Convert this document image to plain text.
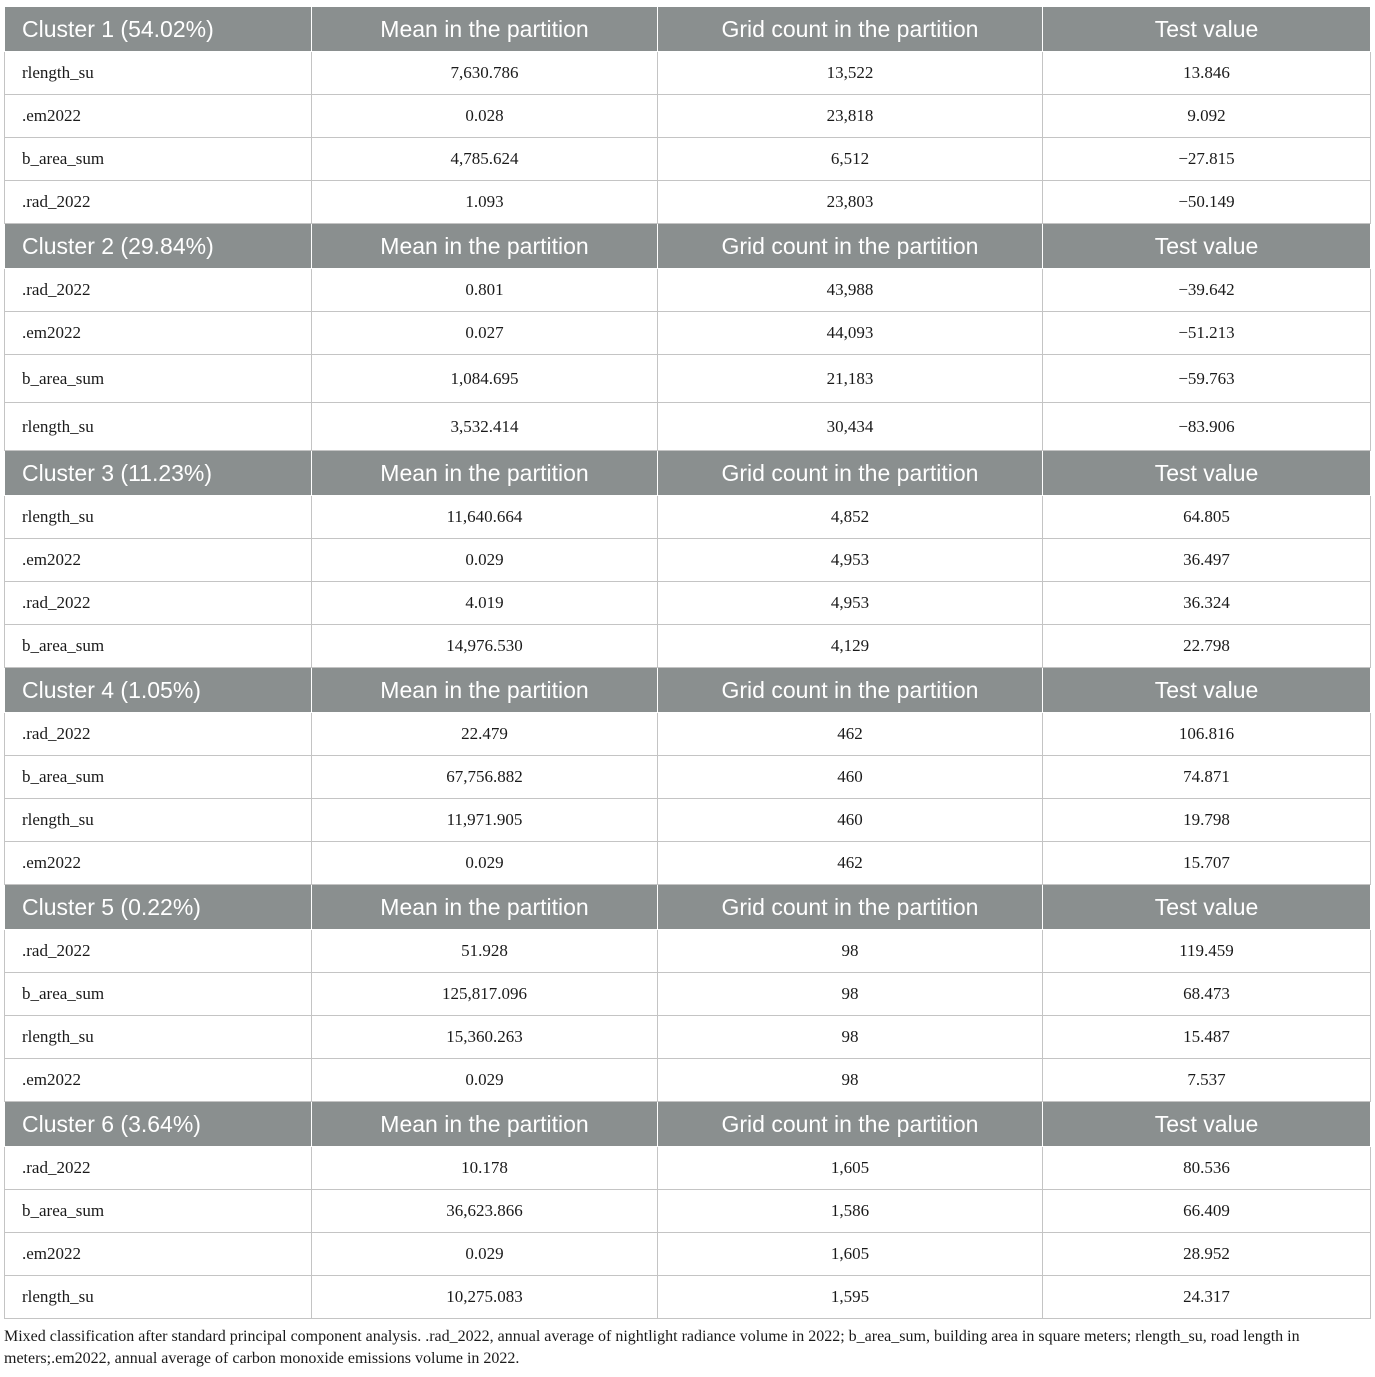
Cluster 1 (54.02%)	Mean in the partition	Grid count in the partition	Test value
rlength_su	7,630.786	13,522	13.846
.em2022	0.028	23,818	9.092
b_area_sum	4,785.624	6,512	−27.815
.rad_2022	1.093	23,803	−50.149
Cluster 2 (29.84%)	Mean in the partition	Grid count in the partition	Test value
.rad_2022	0.801	43,988	−39.642
.em2022	0.027	44,093	−51.213
b_area_sum	1,084.695	21,183	−59.763
rlength_su	3,532.414	30,434	−83.906
Cluster 3 (11.23%)	Mean in the partition	Grid count in the partition	Test value
rlength_su	11,640.664	4,852	64.805
.em2022	0.029	4,953	36.497
.rad_2022	4.019	4,953	36.324
b_area_sum	14,976.530	4,129	22.798
Cluster 4 (1.05%)	Mean in the partition	Grid count in the partition	Test value
.rad_2022	22.479	462	106.816
b_area_sum	67,756.882	460	74.871
rlength_su	11,971.905	460	19.798
.em2022	0.029	462	15.707
Cluster 5 (0.22%)	Mean in the partition	Grid count in the partition	Test value
.rad_2022	51.928	98	119.459
b_area_sum	125,817.096	98	68.473
rlength_su	15,360.263	98	15.487
.em2022	0.029	98	7.537
Cluster 6 (3.64%)	Mean in the partition	Grid count in the partition	Test value
.rad_2022	10.178	1,605	80.536
b_area_sum	36,623.866	1,586	66.409
.em2022	0.029	1,605	28.952
rlength_su	10,275.083	1,595	24.317
Mixed classification after standard principal component analysis. .rad_2022, annual average of nightlight radiance volume in 2022; b_area_sum, building area in square meters; rlength_su, road length in meters;.em2022, annual average of carbon monoxide emissions volume in 2022.
